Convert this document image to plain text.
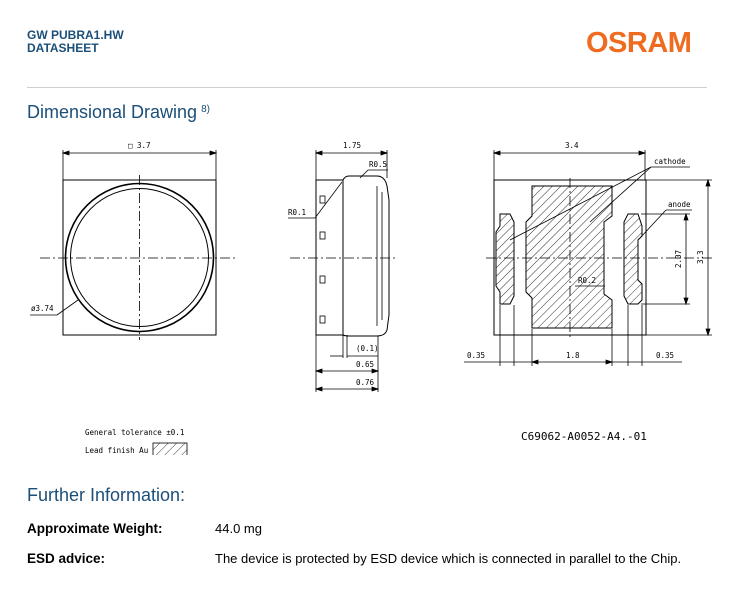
GW PUBRA1.HW
DATASHEET	OSRAM
Dimensional Drawing $^{8)}$
□ 3.7
ø3.74
1.75
R0.5
R0.1
(0.1)
0.65
0.76
3.4
cathode
anode
R0.2
2.07 3.3
0.35	1.8	0.35
General tolerance ±0.1
Lead finish Au
C69062-A0052-A4.-01
Further Information:
Approximate Weight:	44.0 mg
ESD advice:	The device is protected by ESD device which is connected in parallel to the Chip.
